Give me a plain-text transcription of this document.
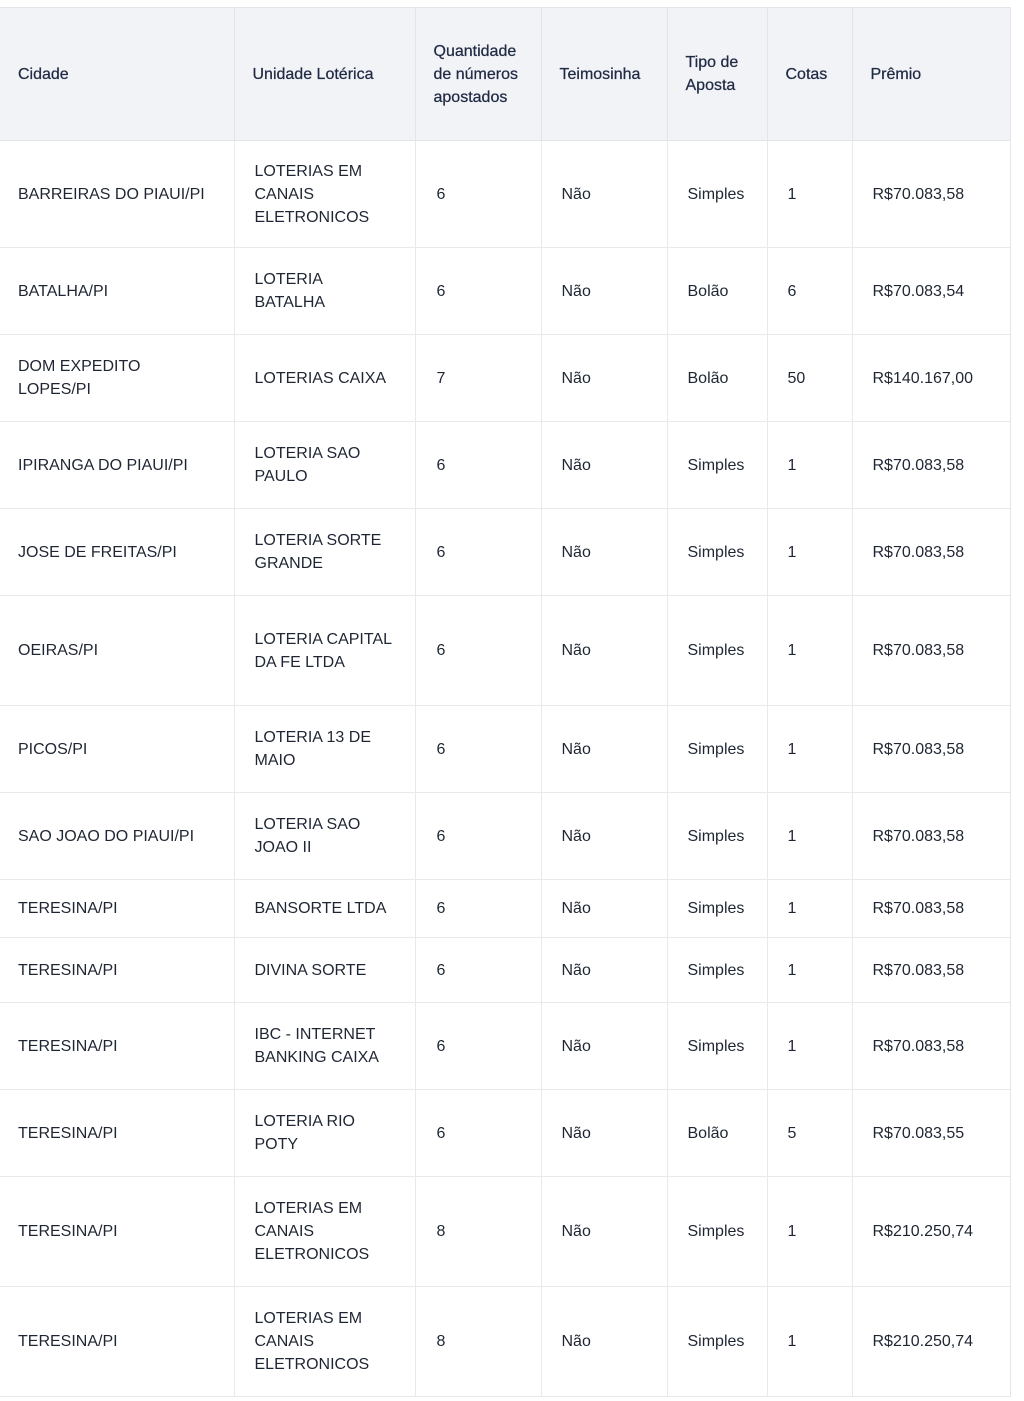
Cidade	Unidade Lotérica	Quantidade de números apostados	Teimosinha	Tipo de Aposta	Cotas	Prêmio
BARREIRAS DO PIAUI/PI	LOTERIAS EM CANAIS ELETRONICOS	6	Não	Simples	1	R$70.083,58
BATALHA/PI	LOTERIA BATALHA	6	Não	Bolão	6	R$70.083,54
DOM EXPEDITO LOPES/PI	LOTERIAS CAIXA	7	Não	Bolão	50	R$140.167,00
IPIRANGA DO PIAUI/PI	LOTERIA SAO PAULO	6	Não	Simples	1	R$70.083,58
JOSE DE FREITAS/PI	LOTERIA SORTE GRANDE	6	Não	Simples	1	R$70.083,58
OEIRAS/PI	LOTERIA CAPITAL DA FE LTDA	6	Não	Simples	1	R$70.083,58
PICOS/PI	LOTERIA 13 DE MAIO	6	Não	Simples	1	R$70.083,58
SAO JOAO DO PIAUI/PI	LOTERIA SAO JOAO II	6	Não	Simples	1	R$70.083,58
TERESINA/PI	BANSORTE LTDA	6	Não	Simples	1	R$70.083,58
TERESINA/PI	DIVINA SORTE	6	Não	Simples	1	R$70.083,58
TERESINA/PI	IBC - INTERNET BANKING CAIXA	6	Não	Simples	1	R$70.083,58
TERESINA/PI	LOTERIA RIO POTY	6	Não	Bolão	5	R$70.083,55
TERESINA/PI	LOTERIAS EM CANAIS ELETRONICOS	8	Não	Simples	1	R$210.250,74
TERESINA/PI	LOTERIAS EM CANAIS ELETRONICOS	8	Não	Simples	1	R$210.250,74
